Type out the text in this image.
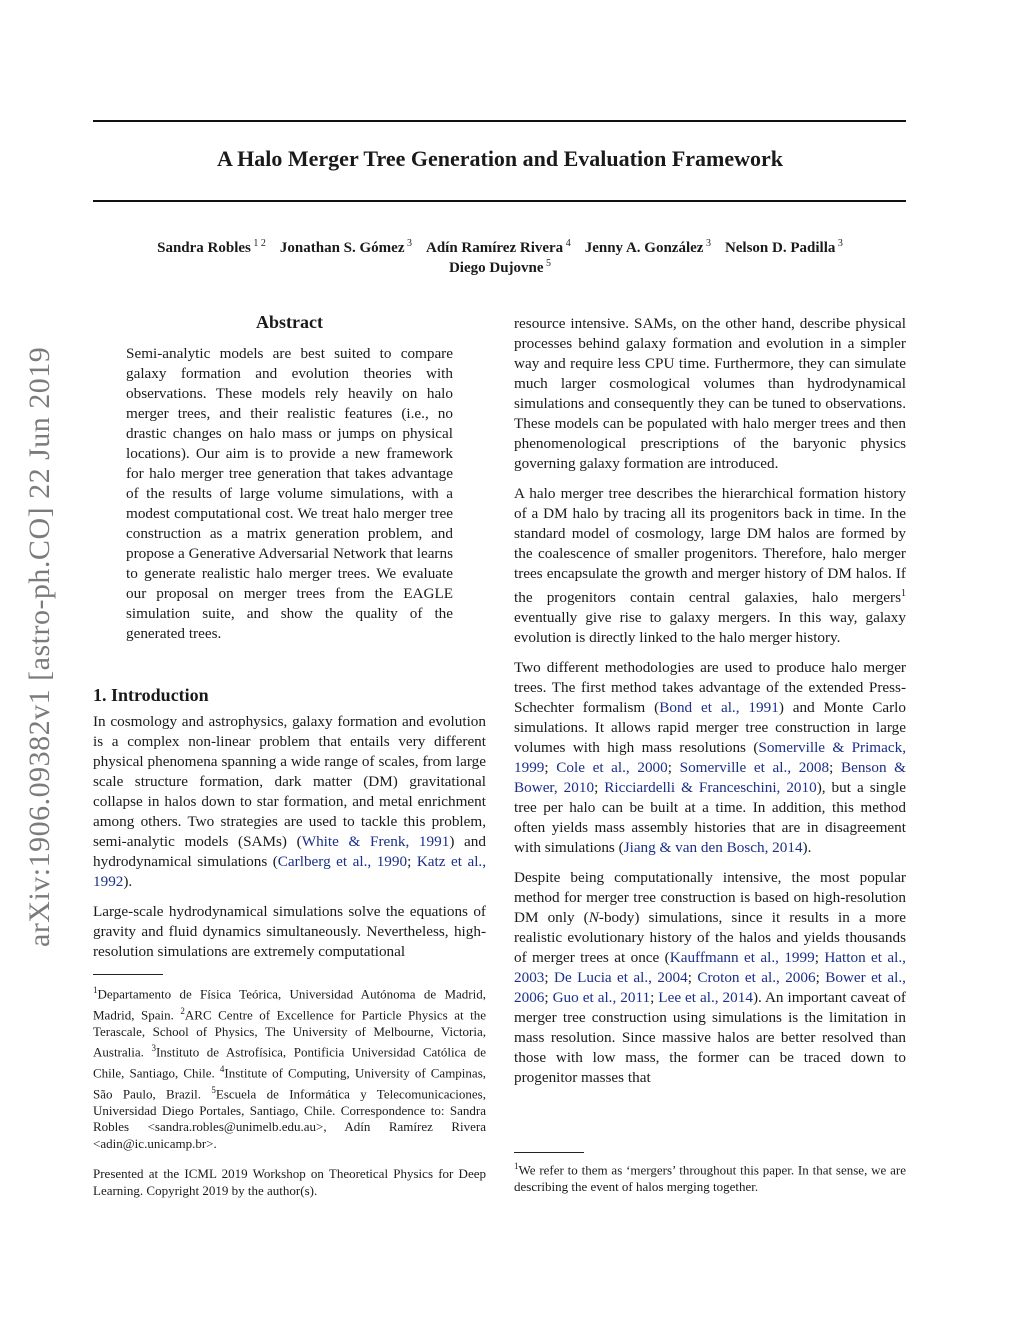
A Halo Merger Tree Generation and Evaluation Framework
Sandra Robles $^{1 2}$ Jonathan S. Gómez $^3$ Adín Ramírez Rivera $^4$ Jenny A. González $^3$ Nelson D. Padilla $^3$
Diego Dujovne $^5$
arXiv:1906.09382v1 [astro-ph.CO] 22 Jun 2019
Abstract

Semi-analytic models are best suited to compare galaxy formation and evolution theories with observations. These models rely heavily on halo merger trees, and their realistic features (i.e., no drastic changes on halo mass or jumps on physical locations). Our aim is to provide a new framework for halo merger tree generation that takes advantage of the results of large volume simulations, with a modest computational cost. We treat halo merger tree construction as a matrix generation problem, and propose a Generative Adversarial Network that learns to generate realistic halo merger trees. We evaluate our proposal on merger trees from the EAGLE simulation suite, and show the quality of the generated trees.

1. Introduction

In cosmology and astrophysics, galaxy formation and evolution is a complex non-linear problem that entails very different physical phenomena spanning a wide range of scales, from large scale structure formation, dark matter (DM) gravitational collapse in halos down to star formation, and metal enrichment among others. Two strategies are used to tackle this problem, semi-analytic models (SAMs) (White & Frenk, 1991) and hydrodynamical simulations (Carlberg et al., 1990; Katz et al., 1992).

Large-scale hydrodynamical simulations solve the equations of gravity and fluid dynamics simultaneously. Nevertheless, high-resolution simulations are extremely computational

$^1$Departamento de Física Teórica, Universidad Autónoma de Madrid, Madrid, Spain. $^2$ARC Centre of Excellence for Particle Physics at the Terascale, School of Physics, The University of Melbourne, Victoria, Australia. $^3$Instituto de Astrofísica, Pontificia Universidad Católica de Chile, Santiago, Chile. $^4$Institute of Computing, University of Campinas, São Paulo, Brazil. $^5$Escuela de Informática y Telecomunicaciones, Universidad Diego Portales, Santiago, Chile. Correspondence to: Sandra Robles <sandra.robles@unimelb.edu.au>, Adín Ramírez Rivera <adin@ic.unicamp.br>.
Presented at the ICML 2019 Workshop on Theoretical Physics for Deep Learning. Copyright 2019 by the author(s).

resource intensive. SAMs, on the other hand, describe physical processes behind galaxy formation and evolution in a simpler way and require less CPU time. Furthermore, they can simulate much larger cosmological volumes than hydrodynamical simulations and consequently they can be tuned to observations. These models can be populated with halo merger trees and then phenomenological prescriptions of the baryonic physics governing galaxy formation are introduced.

A halo merger tree describes the hierarchical formation history of a DM halo by tracing all its progenitors back in time. In the standard model of cosmology, large DM halos are formed by the coalescence of smaller progenitors. Therefore, halo merger trees encapsulate the growth and merger history of DM halos. If the progenitors contain central galaxies, halo mergers$^1$ eventually give rise to galaxy mergers. In this way, galaxy evolution is directly linked to the halo merger history.

Two different methodologies are used to produce halo merger trees. The first method takes advantage of the extended Press-Schechter formalism (Bond et al., 1991) and Monte Carlo simulations. It allows rapid merger tree construction in large volumes with high mass resolutions (Somerville & Primack, 1999; Cole et al., 2000; Somerville et al., 2008; Benson & Bower, 2010; Ricciardelli & Franceschini, 2010), but a single tree per halo can be built at a time. In addition, this method often yields mass assembly histories that are in disagreement with simulations (Jiang & van den Bosch, 2014).

Despite being computationally intensive, the most popular method for merger tree construction is based on high-resolution DM only (N-body) simulations, since it results in a more realistic evolutionary history of the halos and yields thousands of merger trees at once (Kauffmann et al., 1999; Hatton et al., 2003; De Lucia et al., 2004; Croton et al., 2006; Bower et al., 2006; Guo et al., 2011; Lee et al., 2014). An important caveat of merger tree construction using simulations is the limitation in mass resolution. Since massive halos are better resolved than those with low mass, the former can be traced down to progenitor masses that

$^1$We refer to them as ‘mergers’ throughout this paper. In that sense, we are describing the event of halos merging together.
